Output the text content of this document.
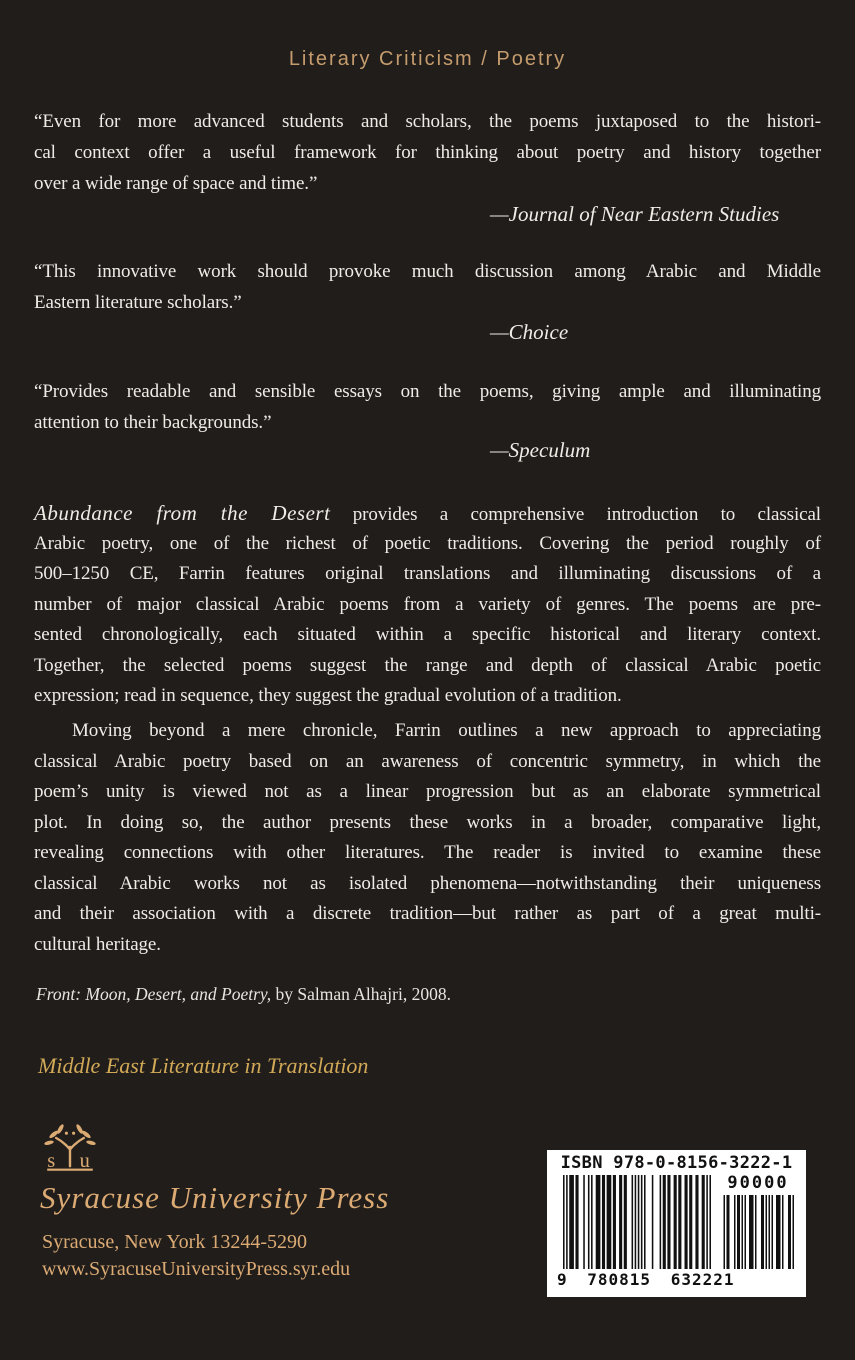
Literary Criticism / Poetry
“Even for more advanced students and scholars, the poems juxtaposed to the histori-
cal context offer a useful framework for thinking about poetry and history together
over a wide range of space and time.”
—Journal of Near Eastern Studies
“This innovative work should provoke much discussion among Arabic and Middle
Eastern literature scholars.”
—Choice
“Provides readable and sensible essays on the poems, giving ample and illuminating
attention to their backgrounds.”
—Speculum
Abundance from the Desert provides a comprehensive introduction to classical
Arabic poetry, one of the richest of poetic traditions. Covering the period roughly of
500–1250 CE, Farrin features original translations and illuminating discussions of a
number of major classical Arabic poems from a variety of genres. The poems are pre-
sented chronologically, each situated within a specific historical and literary context.
Together, the selected poems suggest the range and depth of classical Arabic poetic
expression; read in sequence, they suggest the gradual evolution of a tradition.
Moving beyond a mere chronicle, Farrin outlines a new approach to appreciating
classical Arabic poetry based on an awareness of concentric symmetry, in which the
poem’s unity is viewed not as a linear progression but as an elaborate symmetrical
plot. In doing so, the author presents these works in a broader, comparative light,
revealing connections with other literatures. The reader is invited to examine these
classical Arabic works not as isolated phenomena—notwithstanding their uniqueness
and their association with a discrete tradition—but rather as part of a great multi-
cultural heritage.
Front: Moon, Desert, and Poetry, by Salman Alhajri, 2008.
Middle East Literature in Translation
s u
Syracuse University Press
Syracuse, New York 13244-5290
www.SyracuseUniversityPress.syr.edu
ISBN 978-0-8156-3222-1
90000
9 780815 632221
